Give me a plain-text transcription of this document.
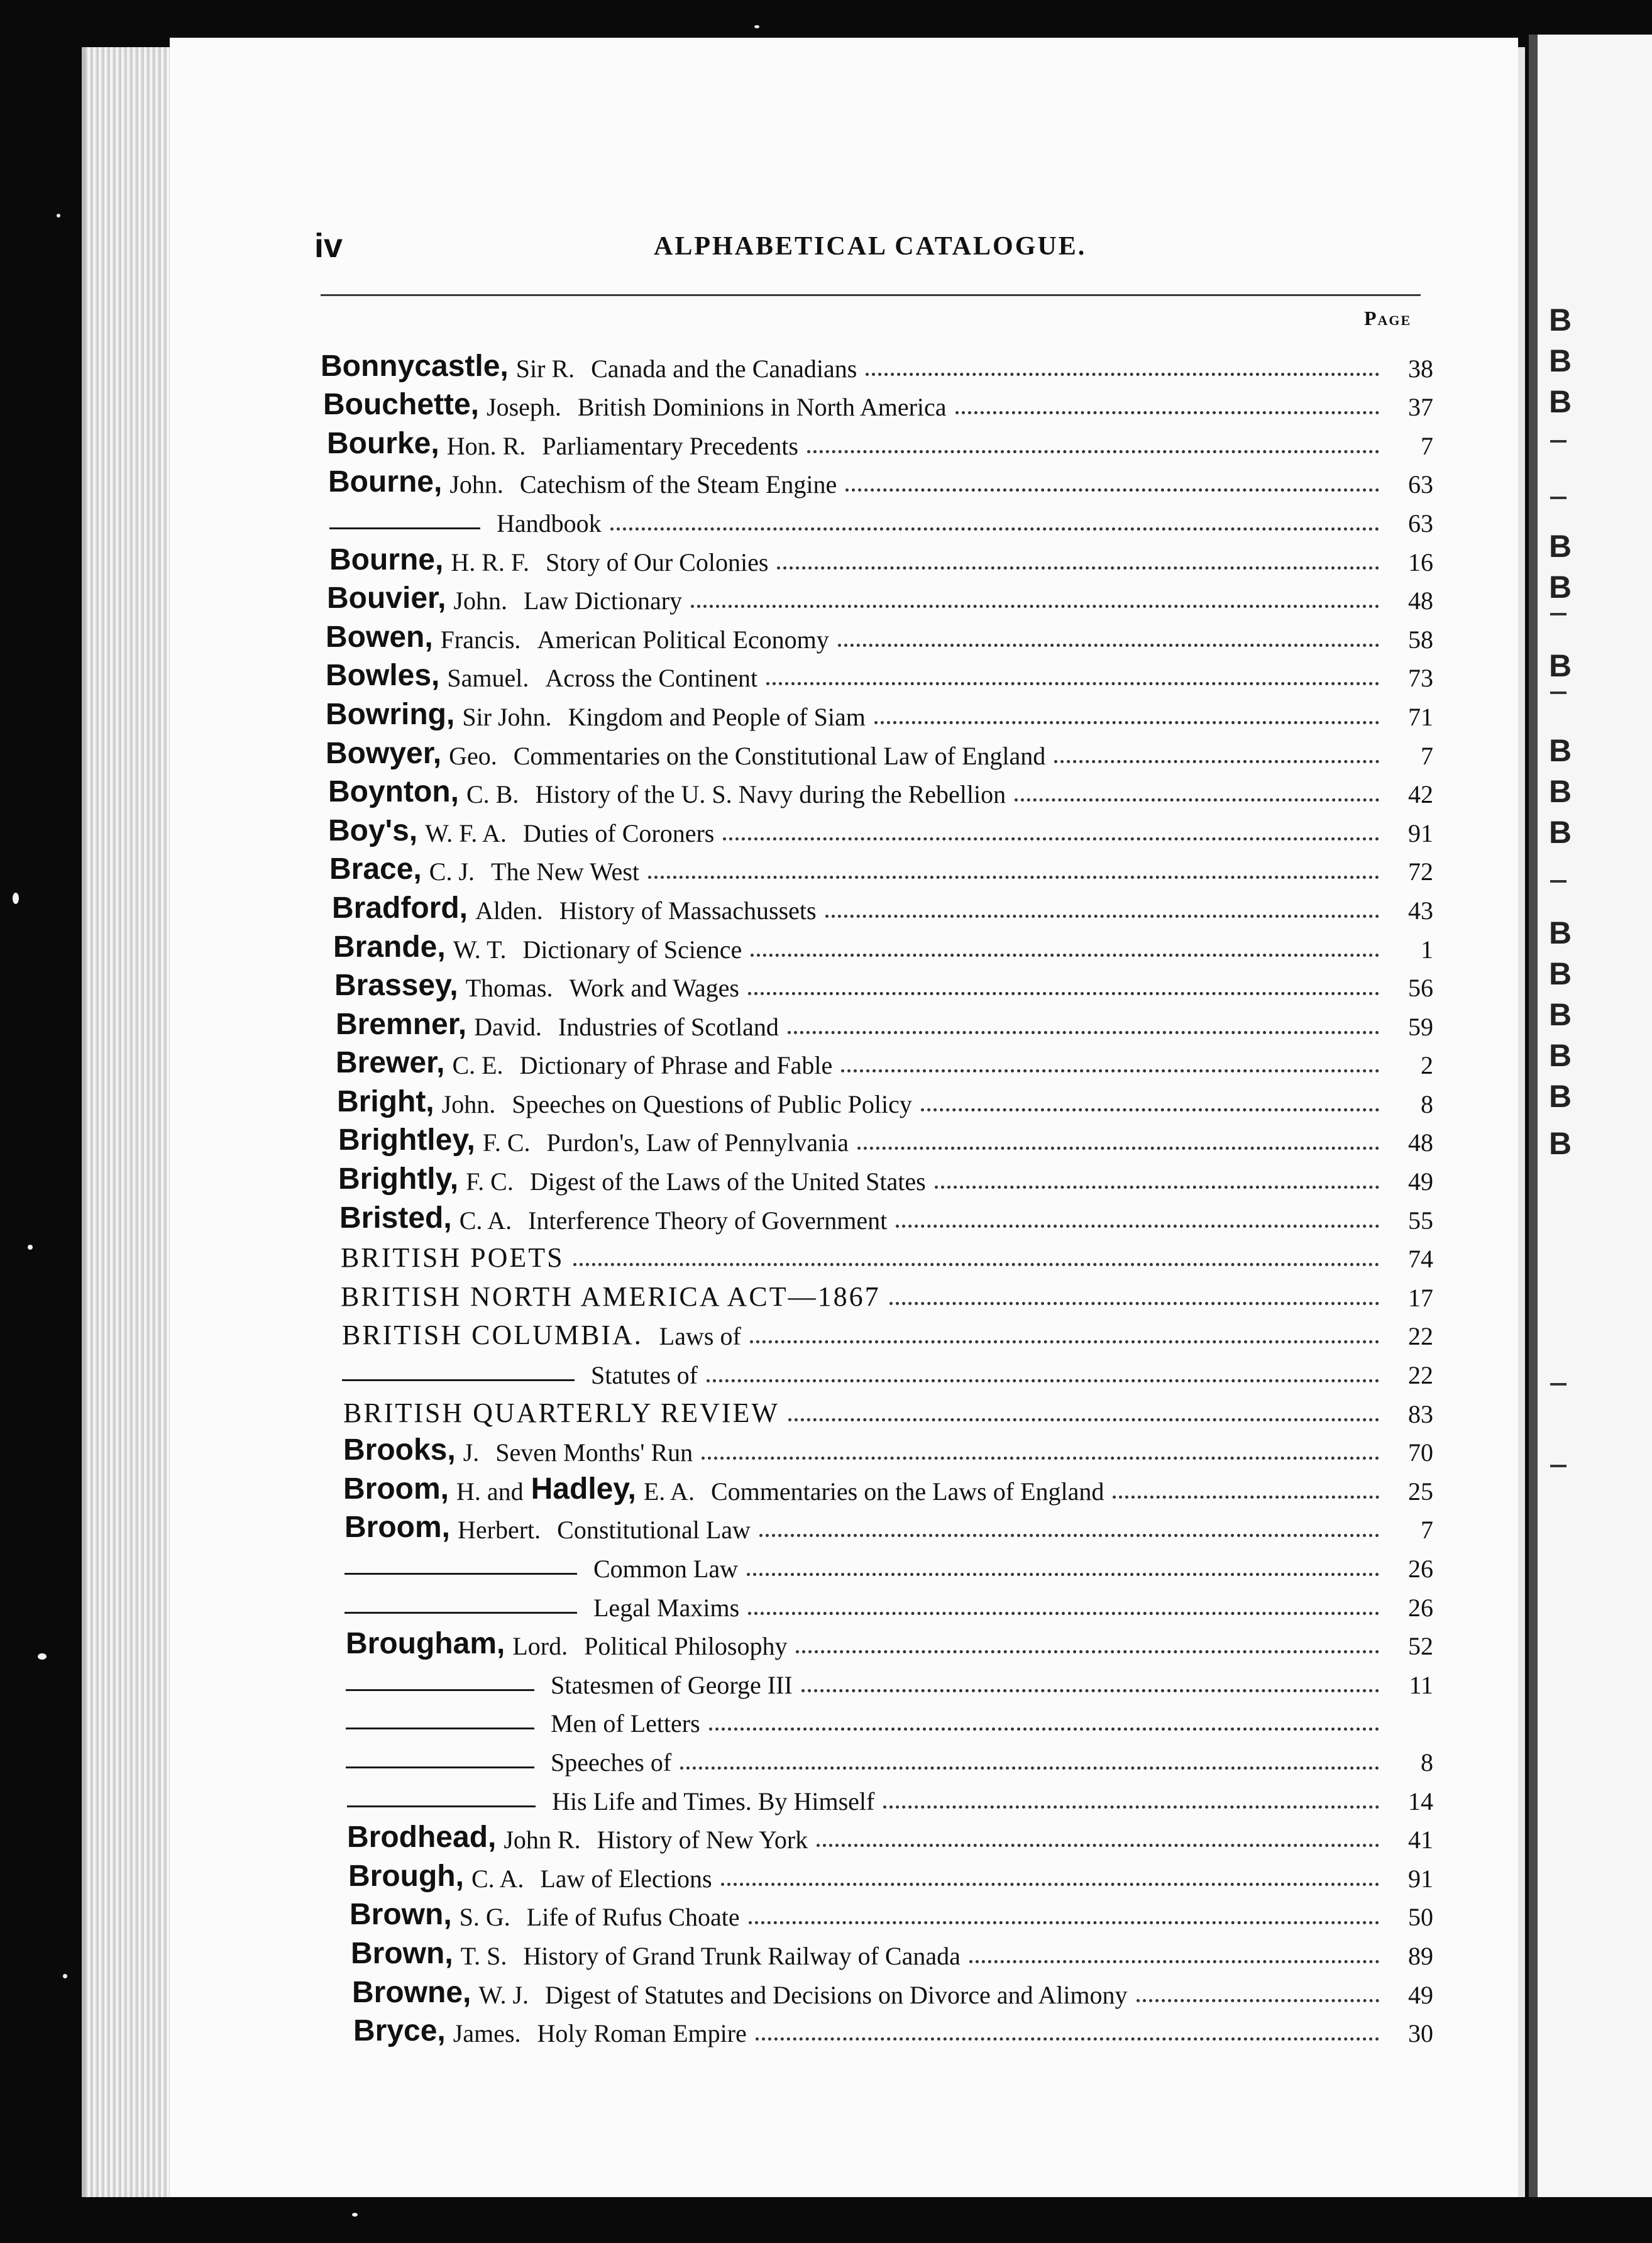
B
B
B
B
B
B
B
B
B
B
B
B
B
B
B
iv	ALPHABETICAL CATALOGUE.
Page
Bonnycastle, Sir R. Canada and the Canadians	38
Bouchette, Joseph. British Dominions in North America	37
Bourke, Hon. R. Parliamentary Precedents	7
Bourne, John. Catechism of the Steam Engine	63
Handbook	63
Bourne, H. R. F. Story of Our Colonies	16
Bouvier, John. Law Dictionary	48
Bowen, Francis. American Political Economy	58
Bowles, Samuel. Across the Continent	73
Bowring, Sir John. Kingdom and People of Siam	71
Bowyer, Geo. Commentaries on the Constitutional Law of England	7
Boynton, C. B. History of the U. S. Navy during the Rebellion	42
Boy's, W. F. A. Duties of Coroners	91
Brace, C. J. The New West	72
Bradford, Alden. History of Massachussets	43
Brande, W. T. Dictionary of Science	1
Brassey, Thomas. Work and Wages	56
Bremner, David. Industries of Scotland	59
Brewer, C. E. Dictionary of Phrase and Fable	2
Bright, John. Speeches on Questions of Public Policy	8
Brightley, F. C. Purdon's, Law of Pennylvania	48
Brightly, F. C. Digest of the Laws of the United States	49
Bristed, C. A. Interference Theory of Government	55
BRITISH POETS	74
BRITISH NORTH AMERICA ACT—1867	17
BRITISH COLUMBIA. Laws of	22
Statutes of	22
BRITISH QUARTERLY REVIEW	83
Brooks, J. Seven Months' Run	70
Broom, H. and Hadley, E. A. Commentaries on the Laws of England	25
Broom, Herbert. Constitutional Law	7
Common Law	26
Legal Maxims	26
Brougham, Lord. Political Philosophy	52
Statesmen of George III	11
Men of Letters
Speeches of	8
His Life and Times. By Himself	14
Brodhead, John R. History of New York	41
Brough, C. A. Law of Elections	91
Brown, S. G. Life of Rufus Choate	50
Brown, T. S. History of Grand Trunk Railway of Canada	89
Browne, W. J. Digest of Statutes and Decisions on Divorce and Alimony	49
Bryce, James. Holy Roman Empire	30
